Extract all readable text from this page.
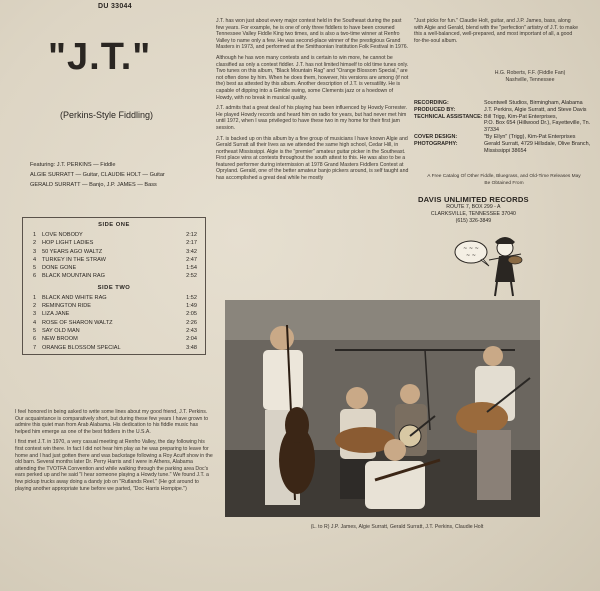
DU 33044
"J.T."
(Perkins-Style Fiddling)
Featuring: J.T. PERKINS — Fiddle
ALGIE SURRATT — Guitar, CLAUDIE HOLT — Guitar
GERALD SURRATT — Banjo, J.P. JAMES — Bass
SIDE ONE
1	LOVE NOBODY	2:12
2	HOP LIGHT LADIES	2:17
3	50 YEARS AGO WALTZ	3:42
4	TURKEY IN THE STRAW	2:47
5	DONE GONE	1:54
6	BLACK MOUNTAIN RAG	2:52
SIDE TWO
1	BLACK AND WHITE RAG	1:52
2	REMINGTON RIDE	1:49
3	LIZA JANE	2:05
4	ROSE OF SHARON WALTZ	2:26
5	SAY OLD MAN	2:43
6	NEW BROOM	2:04
7	ORANGE BLOSSOM SPECIAL	3:48

I feel honored in being asked to write some lines about my good friend, J.T. Perkins. Our acquaintance is comparatively short, but during these few years I have grown to admire this quiet man from Arab Alabama. His dedication to his fiddle music has helped him emerge as one of the best fiddlers in the U.S.A.

I first met J.T. in 1970, a very casual meeting at Renfro Valley, the day following his first contest win there. In fact I did not hear him play as he was preparing to leave for home and I had just gotten there and was backstage following a Roy Acuff show in the old barn. Several months later Dr. Perry Harris and I were in Athens, Alabama attending the TVOTFA Convention and while walking through the parking area Doc's ears perked up and he said "I hear someone playing a Howdy tune." We found J.T. a few pickup trucks away doing a dandy job on "Rutlands Reel." (He got around to playing another appropriate tune before we parted, "Doc Harris Hornpipe.")

J.T. has won just about every major contest held in the Southeast during the past few years. For example, he is one of only three fiddlers to have been crowned Tennessee Valley Fiddle King two times, and is also a two-time winner at Renfro Valley to name only a few. He was second-place winner of the prestigious Grand Masters in 1973, and performed at the Smithsonian Institution Folk Festival in 1976.

Although he has won many contests and is certain to win more, he cannot be classified as only a contest fiddler. J.T. has not limited himself to old time tunes only. Two tunes on this album, "Black Mountain Rag" and "Orange Blossom Special," are not often done by him. When he does them, however, his versions are among (if not the) best as attested by this album. Another description of J.T. is versatility. He is capable of dipping into a Gimble swing, some Clements jazz or a hoedown of Howdy, with no break in musical quality.

J.T. admits that a great deal of his playing has been influenced by Howdy Forrester. He played Howdy records and heard him on radio for years, but had never met him until 1972, when I was privileged to have these two in my home for their first jam session.

J.T. is backed up on this album by a fine group of musicians I have known Algie and Gerald Surratt all their lives as we attended the same high school, Cedar Hill, in northeast Mississippi. Algie is the "premier" amateur guitar picker in the Southeast. First place wins at contests throughout the south attest to this. He was also to be a featured performer during intermission at 1978 Grand Masters Fiddlers Contest at Opryland. Gerald, one of the better amateur banjo pickers around, is self taught and has accomplished a great deal while he mostly

"Just picks for fun." Claudie Holt, guitar, and J.P. James, bass, along with Algie and Gerald, blend with the "perfection" artistry of J.T. to make this a well-balanced, well-prepared, and most important of all, a good for-the-soul album.
H.G. Roberts, F.F. (Fiddle Fan)
Nashville, Tennessee
RECORDING:	Sountwell Studios, Birmingham, Alabama
PRODUCED BY:	J.T. Perkins, Algie Surratt, and Steve Davis
TECHNICAL ASSISTANCE: Bill Trigg, Kim-Pat Enterprises,
P.O. Box 654 (Hillwood Dr.), Fayetteville, Tn. 37334
COVER DESIGN:	"By Ellyn" (Trigg), Kim-Pat Enterprises
PHOTOGRAPHY:	Gerald Surratt, 4729 Hillsdale, Olive Branch,
Mississippi 38654
A Free Catalog Of Other Fiddle, Bluegrass, and Old-Time Releases May
Be Obtained From
DAVIS UNLIMITED RECORDS
ROUTE 7, BOX 299 - A
CLARKSVILLE, TENNESSEE 37040
(615) 326-3849
~ ~ ~
~ ~
(L. to R) J.P. James, Algie Surratt, Gerald Surratt, J.T. Perkins, Claudie Holt
